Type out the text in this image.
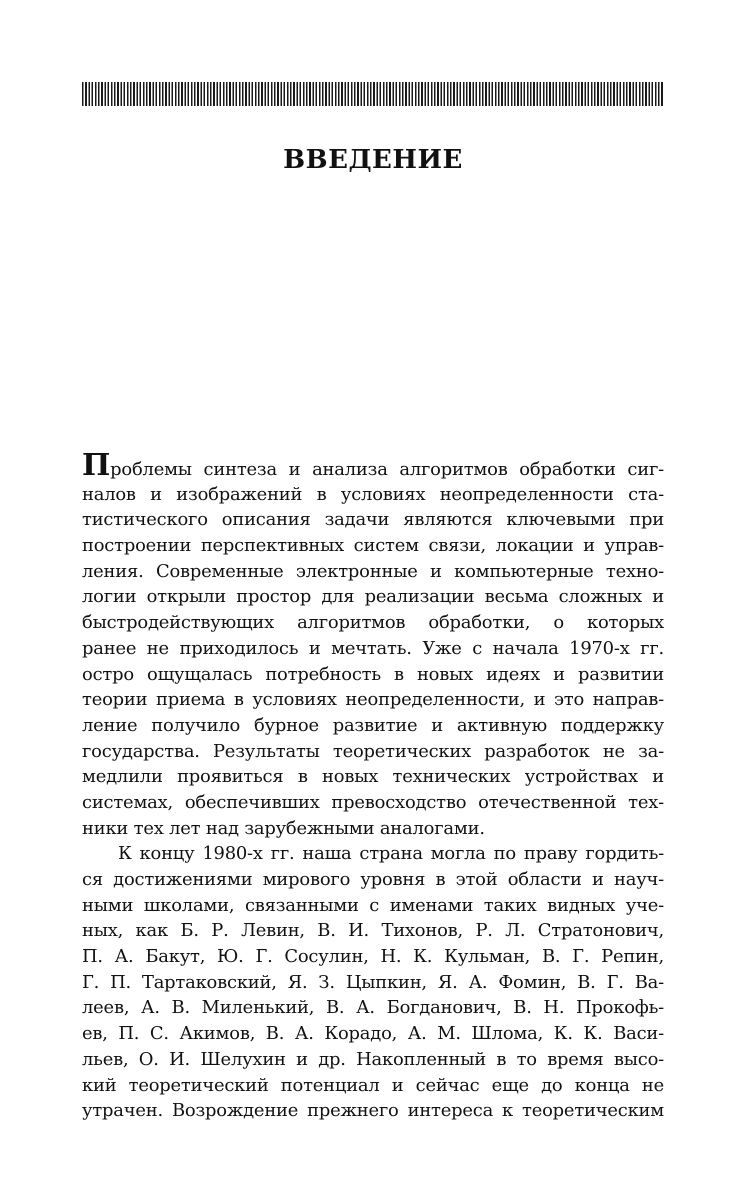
ВВЕДЕНИЕ
Проблемы синтеза и анализа алгоритмов обработки сиг-
налов и изображений в условиях неопределенности ста-
тистического описания задачи являются ключевыми при
построении перспективных систем связи, локации и управ-
ления. Современные электронные и компьютерные техно-
логии открыли простор для реализации весьма сложных и
быстродействующих алгоритмов обработки, о которых
ранее не приходилось и мечтать. Уже с начала 1970-х гг.
остро ощущалась потребность в новых идеях и развитии
теории приема в условиях неопределенности, и это направ-
ление получило бурное развитие и активную поддержку
государства. Результаты теоретических разработок не за-
медлили проявиться в новых технических устройствах и
системах, обеспечивших превосходство отечественной тех-
ники тех лет над зарубежными аналогами.
К концу 1980-х гг. наша страна могла по праву гордить-
ся достижениями мирового уровня в этой области и науч-
ными школами, связанными с именами таких видных уче-
ных, как Б. Р. Левин, В. И. Тихонов, Р. Л. Стратонович,
П. А. Бакут, Ю. Г. Сосулин, Н. К. Кульман, В. Г. Репин,
Г. П. Тартаковский, Я. З. Цыпкин, Я. А. Фомин, В. Г. Ва-
леев, А. В. Миленький, В. А. Богданович, В. Н. Прокофь-
ев, П. С. Акимов, В. А. Корадо, А. М. Шлома, К. К. Васи-
льев, О. И. Шелухин и др. Накопленный в то время высо-
кий теоретический потенциал и сейчас еще до конца не
утрачен. Возрождение прежнего интереса к теоретическим
